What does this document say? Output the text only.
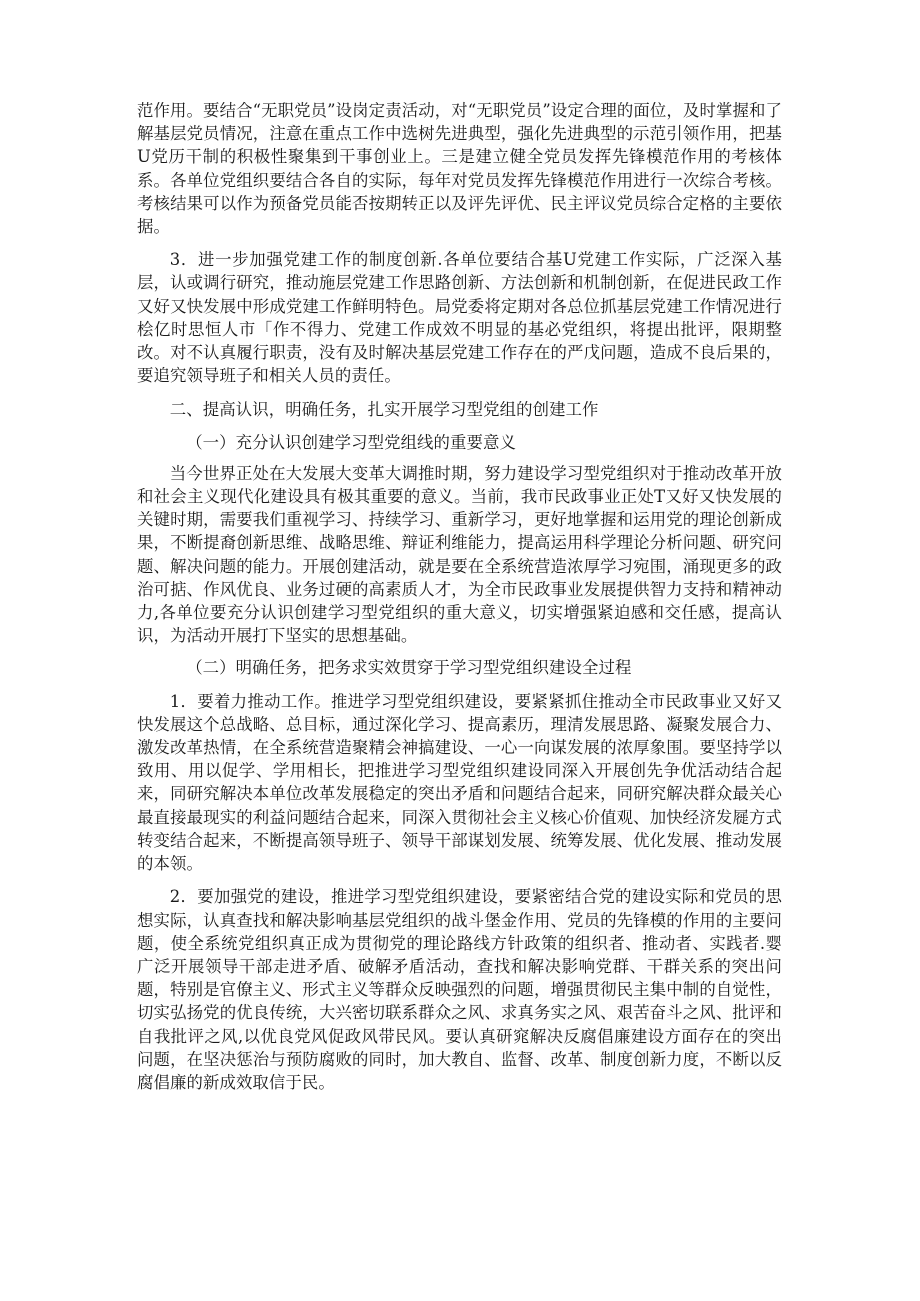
范作用。要结合“无职党员”设岗定责活动，对“无职党员”设定合理的面位，及时掌握和了解基层党员情况，注意在重点工作中选树先进典型，强化先进典型的示范引领作用，把基U党历干制的积极性聚集到干事创业上。三是建立健全党员发挥先锋模范作用的考核体系。各单位党组织要结合各自的实际，每年对党员发挥先锋模范作用进行一次综合考核。考核结果可以作为预备党员能否按期转正以及评先评优、民主评议党员综合定格的主要依据。

3．进一步加强党建工作的制度创新.各单位要结合基U党建工作实际，广泛深入基层，认或调行研究，推动施层党建工作思路创新、方法创新和机制创新，在促进民政工作又好又快发展中形成党建工作鲜明特色。局党委将定期对各总位抓基层党建工作情况进行桧亿时思恒人市「作不得力、党建工作成效不明显的基必党组织，将提出批评，限期整改。对不认真履行职责，没有及时解决基层党建工作存在的严戊问题，造成不良后果的，要追究领导班子和相关人员的责任。

二、提高认识，明确任务，扎实开展学习型党组的创建工作

（一）充分认识创建学习型党组线的重要意义

当今世界正处在大发展大变革大调推时期，努力建设学习型党组织对于推动改革开放和社会主义现代化建设具有极其重要的意义。当前，我市民政事业正处T又好又快发展的关键时期，需要我们重视学习、持续学习、重新学习，更好地掌握和运用党的理论创新成果，不断提裔创新思维、战略思维、辩证利维能力，提高运用科学理论分析问题、研究问题、解决问题的能力。开展创建活动，就是要在全系统营造浓厚学习宛围，涌现更多的政治可掂、作风优良、业务过硬的高素质人才，为全市民政事业发展提供智力支持和精神动力,各单位要充分认识创建学习型党组织的重大意义，切实增强紧迫感和交任感，提高认识，为活动开展打下坚实的思想基础。

（二）明确任务，把务求实效贯穿于学习型党组织建设全过程

1．要着力推动工作。推进学习型党组织建设，要紧紧抓住推动全市民政事业又好又快发展这个总战略、总目标，通过深化学习、提高素历，理清发展思路、凝聚发展合力、激发改革热情，在全系统营造聚精会神搞建设、一心一向谋发展的浓厚象围。要坚持学以致用、用以促学、学用相长，把推进学习型党组织建设同深入开展创先争优活动结合起来，同研究解决本单位改革发展稳定的突出矛盾和问题结合起来，同研究解决群众最关心最直接最现实的利益问题结合起来，同深入贯彻社会主义核心价值观、加快经济发屣方式转变结合起来，不断提高领导班子、领导干部谋划发展、统筹发展、优化发展、推动发展的本领。

2．要加强党的建设，推进学习型党组织建设，要紧密结合党的建设实际和党员的思想实际，认真查找和解决影响基层党组织的战斗堡金作用、党员的先锋模的作用的主要问题，使全系统党组织真正成为贯彻党的理论路线方针政策的组织者、推动者、实践者.婴广泛开展领导干部走进矛盾、破解矛盾活动，查找和解决影响党群、干群关系的突出问题，特别是官僚主义、形式主义等群众反映强烈的问题，增强贯彻民主集中制的自觉性，切实弘扬党的优良传统，大兴密切联系群众之风、求真务实之风、艰苦奋斗之风、批评和自我批评之风,以优良党风促政风带民风。要认真研窕解决反腐倡廉建设方面存在的突出问题，在坚决惩治与预防腐败的同时，加大教自、监督、改革、制度创新力度，不断以反腐倡廉的新成效取信于民。
